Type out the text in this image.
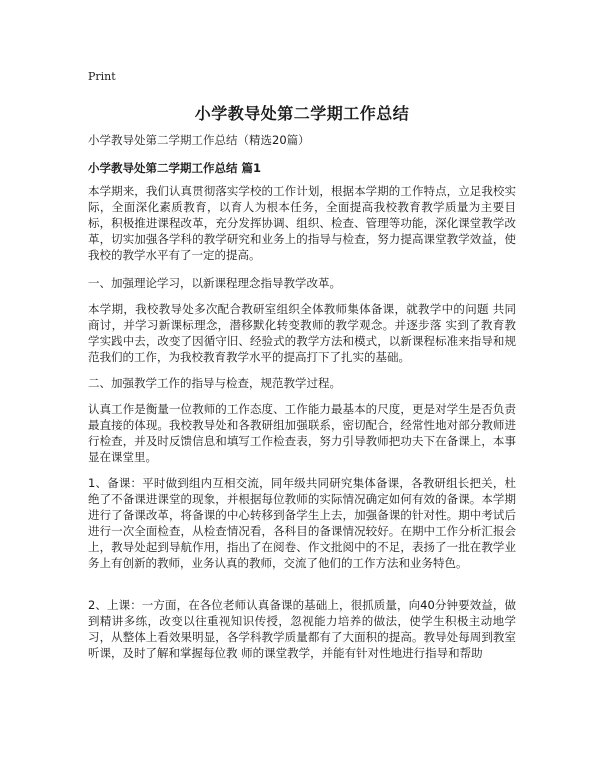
Print
小学教导处第二学期工作总结
小学教导处第二学期工作总结（精选20篇）
小学教导处第二学期工作总结 篇1
本学期来，我们认真贯彻落实学校的工作计划，根据本学期的工作特点，立足我校实际，全面深化素质教育，以育人为根本任务，全面提高我校教育教学质量为主要目标，积极推进课程改革，充分发挥协调、组织、检查、管理等功能，深化课堂教学改革，切实加强各学科的教学研究和业务上的指导与检查，努力提高课堂教学效益，使我校的教学水平有了一定的提高。
一、加强理论学习，以新课程理念指导教学改革。
本学期，我校教导处多次配合教研室组织全体教师集体备课，就教学中的问题 共同商讨，并学习新课标理念，潜移默化转变教师的教学观念。并逐步落 实到了教育教学实践中去，改变了因循守旧、经验式的教学方法和模式，以新课程标准来指导和规范我们的工作，为我校教育教学水平的提高打下了扎实的基础。
二、加强教学工作的指导与检查，规范教学过程。
认真工作是衡量一位教师的工作态度、工作能力最基本的尺度，更是对学生是否负责最直接的体现。我校教导处和各教研组加强联系，密切配合，经常性地对部分教师进行检查，并及时反馈信息和填写工作检查表，努力引导教师把功夫下在备课上，本事显在课堂里。
1、备课：平时做到组内互相交流，同年级共同研究集体备课，各教研组长把关，杜绝了不备课进课堂的现象，并根据每位教师的实际情况确定如何有效的备课。本学期进行了备课改革，将备课的中心转移到备学生上去，加强备课的针对性。期中考试后进行一次全面检查，从检查情况看，各科目的备课情况较好。在期中工作分析汇报会上，教导处起到导航作用，指出了在阅卷、作文批阅中的不足，表扬了一批在教学业务上有创新的教师，业务认真的教师，交流了他们的工作方法和业务特色。
2、上课：一方面，在各位老师认真备课的基础上，很抓质量，向40分钟要效益，做到精讲多练，改变以往重视知识传授，忽视能力培养的做法，使学生积极主动地学习，从整体上看效果明显，各学科教学质量都有了大面积的提高。教导处每周到教室听课，及时了解和掌握每位教 师的课堂教学，并能有针对性地进行指导和帮助
